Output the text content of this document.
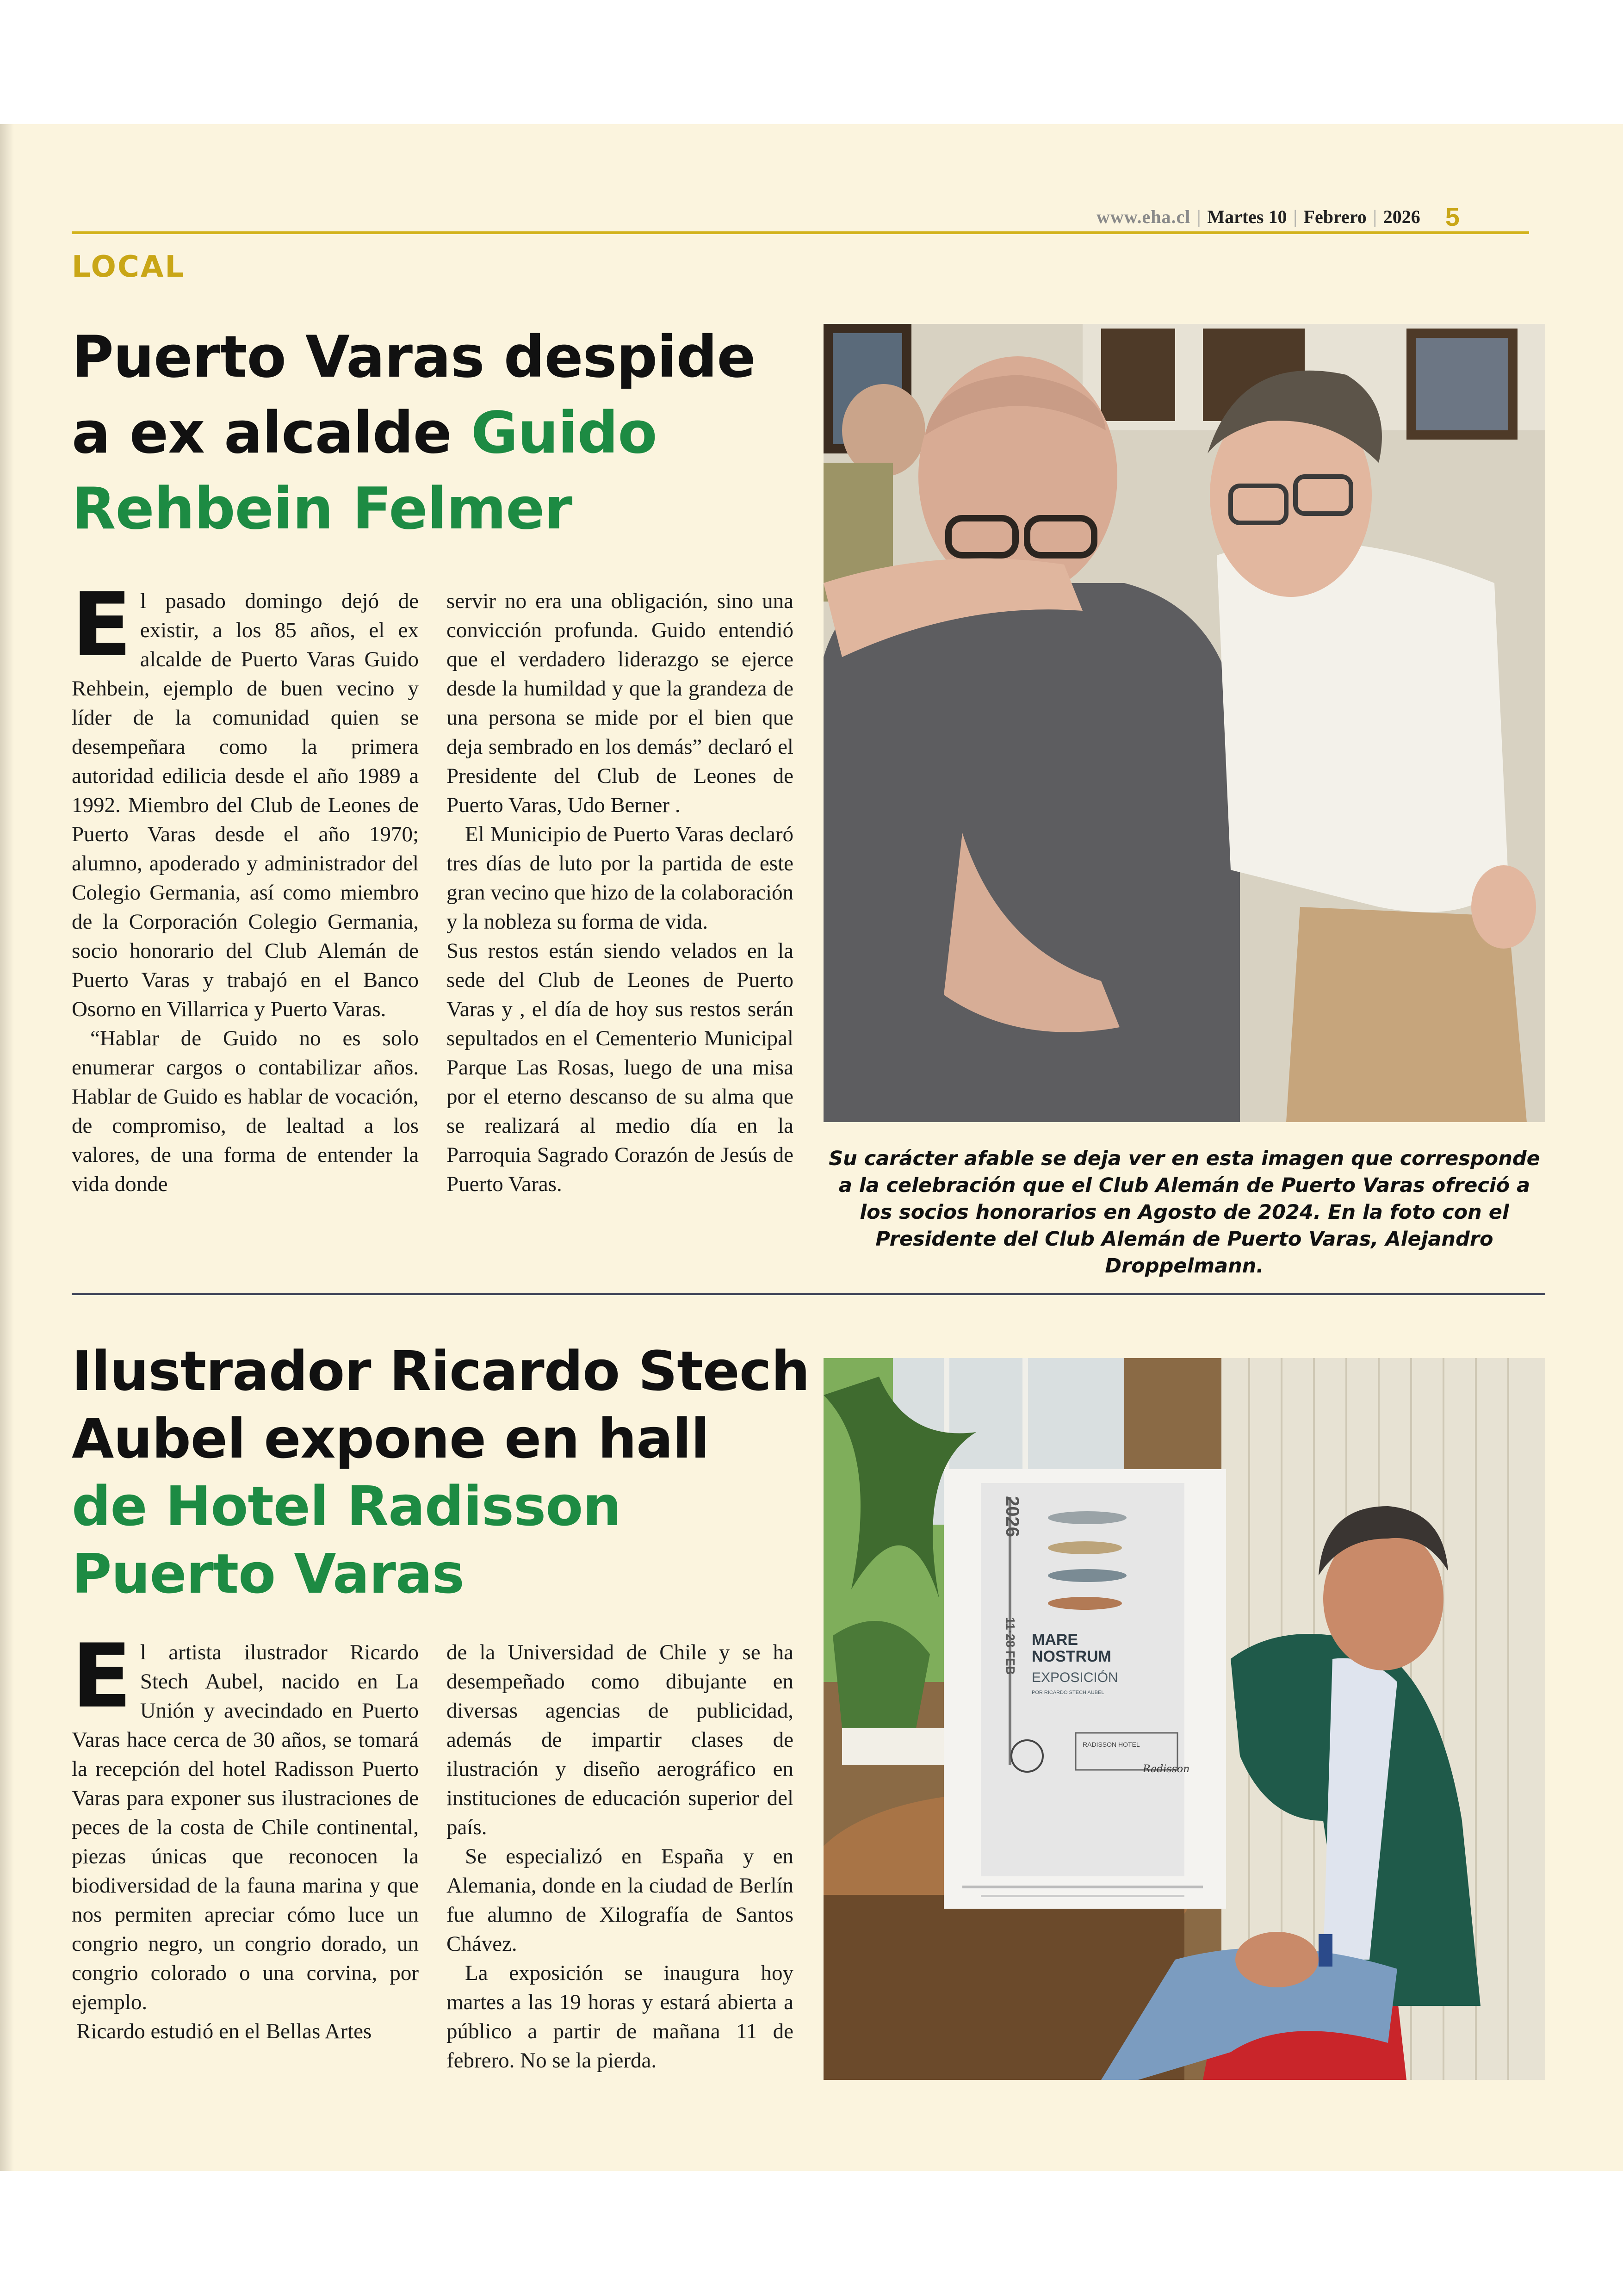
www.eha.cl | Martes 10 | Febrero | 2026 5
LOCAL
Puerto Varas despide
a ex alcalde Guido
Rehbein Felmer

El pasado domingo dejó de existir, a los 85 años, el ex alcalde de Puerto Varas Guido Rehbein, ejemplo de buen vecino y líder de la comunidad quien se desempeñara como la primera autoridad edilicia desde el año 1989 a 1992. Miembro del Club de Leones de Puerto Varas desde el año 1970; alumno, apoderado y administrador del Colegio Germania, así como miembro de la Corporación Colegio Germania, socio honorario del Club Alemán de Puerto Varas y trabajó en el Banco Osorno en Villarrica y Puerto Varas.

“Hablar de Guido no es solo enumerar cargos o contabilizar años. Hablar de Guido es hablar de vocación, de compromiso, de lealtad a los valores, de una forma de entender la vida donde

servir no era una obligación, sino una convicción profunda. Guido entendió que el verdadero liderazgo se ejerce desde la humildad y que la grandeza de una persona se mide por el bien que deja sembrado en los demás” declaró el Presidente del Club de Leones de Puerto Varas, Udo Berner .

El Municipio de Puerto Varas declaró tres días de luto por la partida de este gran vecino que hizo de la colaboración y la nobleza su forma de vida.

Sus restos están siendo velados en la sede del Club de Leones de Puerto Varas y , el día de hoy sus restos serán sepultados en el Cementerio Municipal Parque Las Rosas, luego de una misa por el eterno descanso de su alma que se realizará al medio día en la Parroquia Sagrado Corazón de Jesús de Puerto Varas.

Su carácter afable se deja ver en esta imagen que corresponde a la celebración que el Club Alemán de Puerto Varas ofreció a los socios honorarios en Agosto de 2024. En la foto con el Presidente del Club Alemán de Puerto Varas, Alejandro Droppelmann.
Ilustrador Ricardo Stech
Aubel expone en hall
de Hotel Radisson
Puerto Varas

El artista ilustrador Ricardo Stech Aubel, nacido en La Unión y avecindado en Puerto Varas hace cerca de 30 años, se tomará la recepción del hotel Radisson Puerto Varas para exponer sus ilustraciones de peces de la costa de Chile continental, piezas únicas que reconocen la biodiversidad de la fauna marina y que nos permiten apreciar cómo luce un congrio negro, un congrio dorado, un congrio colorado o una corvina, por ejemplo.

Ricardo estudió en el Bellas Artes

de la Universidad de Chile y se ha desempeñado como dibujante en diversas agencias de publicidad, además de impartir clases de ilustración y diseño aerográfico en instituciones de educación superior del país.

Se especializó en España y en Alemania, donde en la ciudad de Berlín fue alumno de Xilografía de Santos Chávez.

La exposición se inaugura hoy martes a las 19 horas y estará abierta a público a partir de mañana 11 de febrero. No se la pierda.

2026
11·28 FEB MARE
NOSTRUM
EXPOSICIÓN
POR RICARDO STECH AUBEL
RADISSON HOTEL
Radisson
